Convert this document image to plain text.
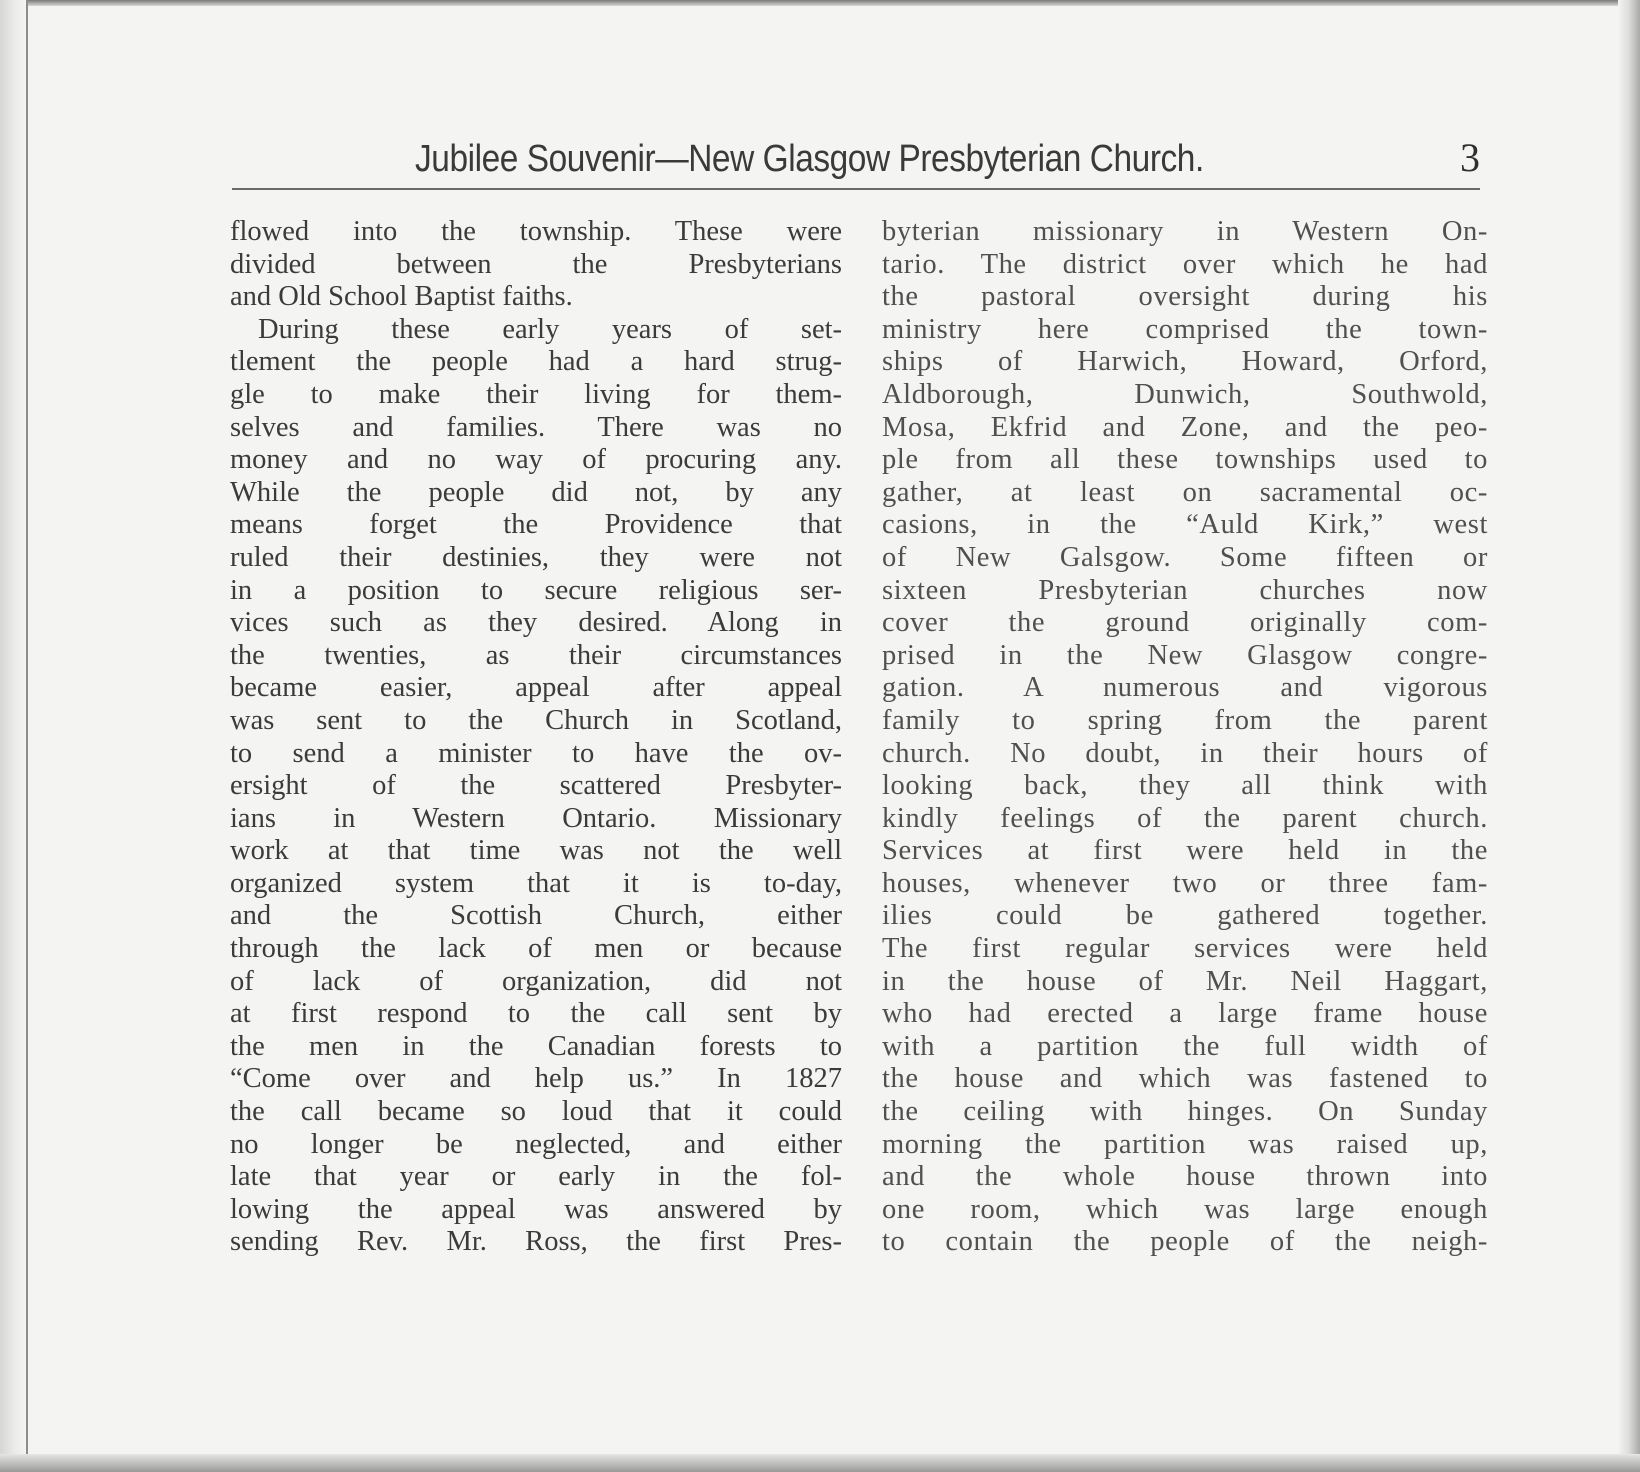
Jubilee Souvenir—New Glasgow Presbyterian Church.	3
flowed into the township. These were
divided between the Presbyterians
and Old School Baptist faiths.
During these early years of set-
tlement the people had a hard strug-
gle to make their living for them-
selves and families. There was no
money and no way of procuring any.
While the people did not, by any
means forget the Providence that
ruled their destinies, they were not
in a position to secure religious ser-
vices such as they desired. Along in
the twenties, as their circumstances
became easier, appeal after appeal
was sent to the Church in Scotland,
to send a minister to have the ov-
ersight of the scattered Presbyter-
ians in Western Ontario. Missionary
work at that time was not the well
organized system that it is to-day,
and the Scottish Church, either
through the lack of men or because
of lack of organization, did not
at first respond to the call sent by
the men in the Canadian forests to
“Come over and help us.” In 1827
the call became so loud that it could
no longer be neglected, and either
late that year or early in the fol-
lowing the appeal was answered by
sending Rev. Mr. Ross, the first Pres-
byterian missionary in Western On-
tario. The district over which he had
the pastoral oversight during his
ministry here comprised the town-
ships of Harwich, Howard, Orford,
Aldborough, Dunwich, Southwold,
Mosa, Ekfrid and Zone, and the peo-
ple from all these townships used to
gather, at least on sacramental oc-
casions, in the “Auld Kirk,” west
of New Galsgow. Some fifteen or
sixteen Presbyterian churches now
cover the ground originally com-
prised in the New Glasgow congre-
gation. A numerous and vigorous
family to spring from the parent
church. No doubt, in their hours of
looking back, they all think with
kindly feelings of the parent church.
Services at first were held in the
houses, whenever two or three fam-
ilies could be gathered together.
The first regular services were held
in the house of Mr. Neil Haggart,
who had erected a large frame house
with a partition the full width of
the house and which was fastened to
the ceiling with hinges. On Sunday
morning the partition was raised up,
and the whole house thrown into
one room, which was large enough
to contain the people of the neigh-
